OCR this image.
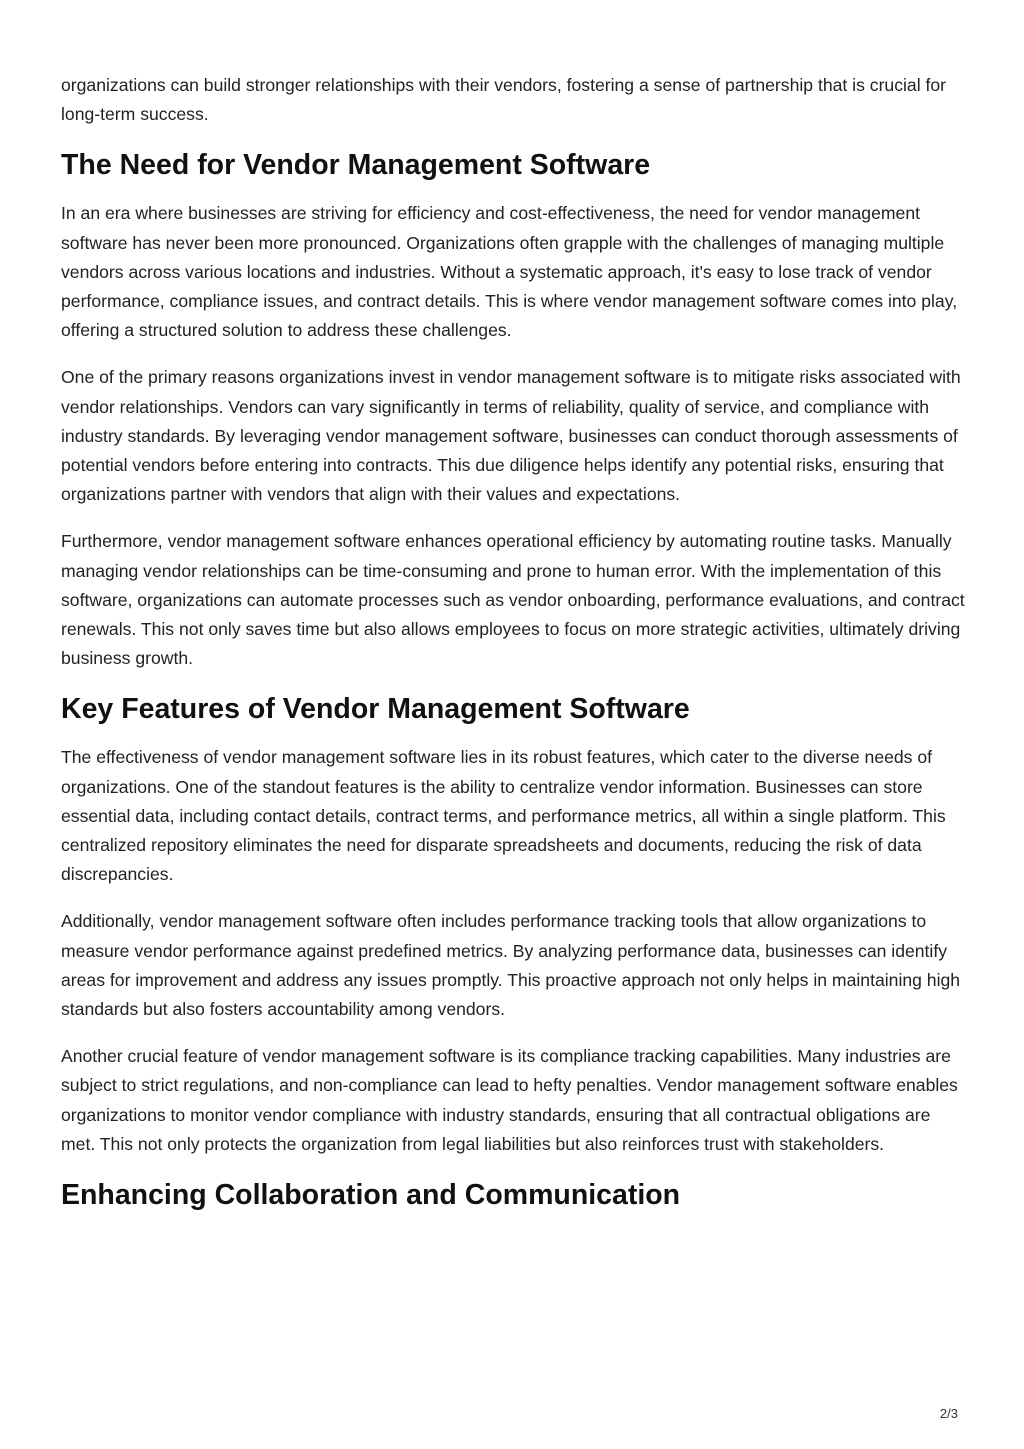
organizations can build stronger relationships with their vendors, fostering a sense of partnership that is crucial for long-term success.

The Need for Vendor Management Software

In an era where businesses are striving for efficiency and cost-effectiveness, the need for vendor management software has never been more pronounced. Organizations often grapple with the challenges of managing multiple vendors across various locations and industries. Without a systematic approach, it's easy to lose track of vendor performance, compliance issues, and contract details. This is where vendor management software comes into play, offering a structured solution to address these challenges.

One of the primary reasons organizations invest in vendor management software is to mitigate risks associated with vendor relationships. Vendors can vary significantly in terms of reliability, quality of service, and compliance with industry standards. By leveraging vendor management software, businesses can conduct thorough assessments of potential vendors before entering into contracts. This due diligence helps identify any potential risks, ensuring that organizations partner with vendors that align with their values and expectations.

Furthermore, vendor management software enhances operational efficiency by automating routine tasks. Manually managing vendor relationships can be time-consuming and prone to human error. With the implementation of this software, organizations can automate processes such as vendor onboarding, performance evaluations, and contract renewals. This not only saves time but also allows employees to focus on more strategic activities, ultimately driving business growth.

Key Features of Vendor Management Software

The effectiveness of vendor management software lies in its robust features, which cater to the diverse needs of organizations. One of the standout features is the ability to centralize vendor information. Businesses can store essential data, including contact details, contract terms, and performance metrics, all within a single platform. This centralized repository eliminates the need for disparate spreadsheets and documents, reducing the risk of data discrepancies.

Additionally, vendor management software often includes performance tracking tools that allow organizations to measure vendor performance against predefined metrics. By analyzing performance data, businesses can identify areas for improvement and address any issues promptly. This proactive approach not only helps in maintaining high standards but also fosters accountability among vendors.

Another crucial feature of vendor management software is its compliance tracking capabilities. Many industries are subject to strict regulations, and non-compliance can lead to hefty penalties. Vendor management software enables organizations to monitor vendor compliance with industry standards, ensuring that all contractual obligations are met. This not only protects the organization from legal liabilities but also reinforces trust with stakeholders.

Enhancing Collaboration and Communication
2/3
